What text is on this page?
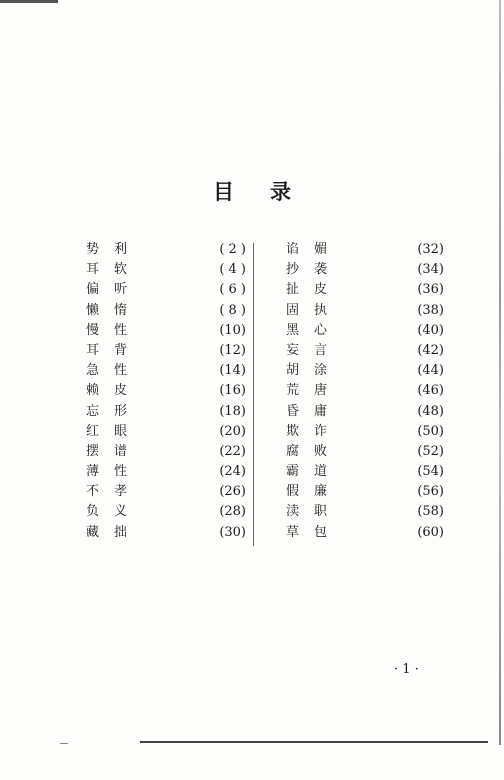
目 录
势 利	( 2 )
耳 软	( 4 )
偏 听	( 6 )
懒 惰	( 8 )
慢 性	(10)
耳 背	(12)
急 性	(14)
赖 皮	(16)
忘 形	(18)
红 眼	(20)
摆 谱	(22)
薄 性	(24)
不 孝	(26)
负 义	(28)
藏 拙	(30)
谄 媚	(32)
抄 袭	(34)
扯 皮	(36)
固 执	(38)
黑 心	(40)
妄 言	(42)
胡 涂	(44)
荒 唐	(46)
昏 庸	(48)
欺 诈	(50)
腐 败	(52)
霸 道	(54)
假 廉	(56)
渎 职	(58)
草 包	(60)
· 1 ·
